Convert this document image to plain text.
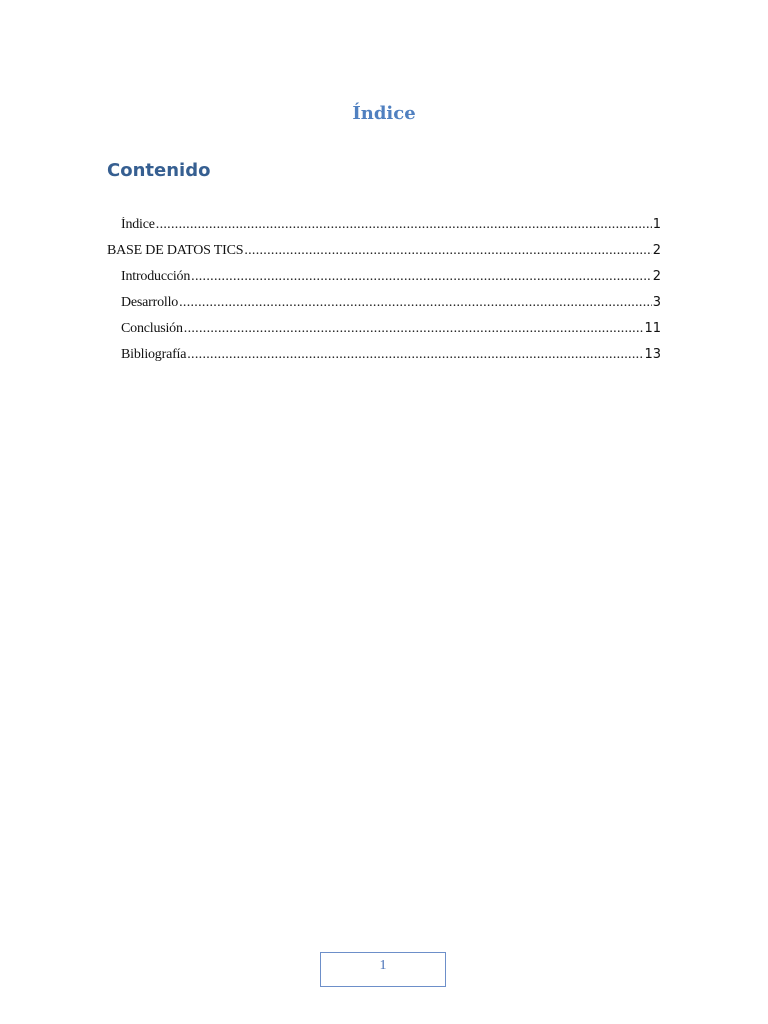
Índice
Contenido
Índice .....	1
BASE DE DATOS TICS .....	2
Introducción .....	2
Desarrollo .....	3
Conclusión .....	11
Bibliografía .....	13
1
